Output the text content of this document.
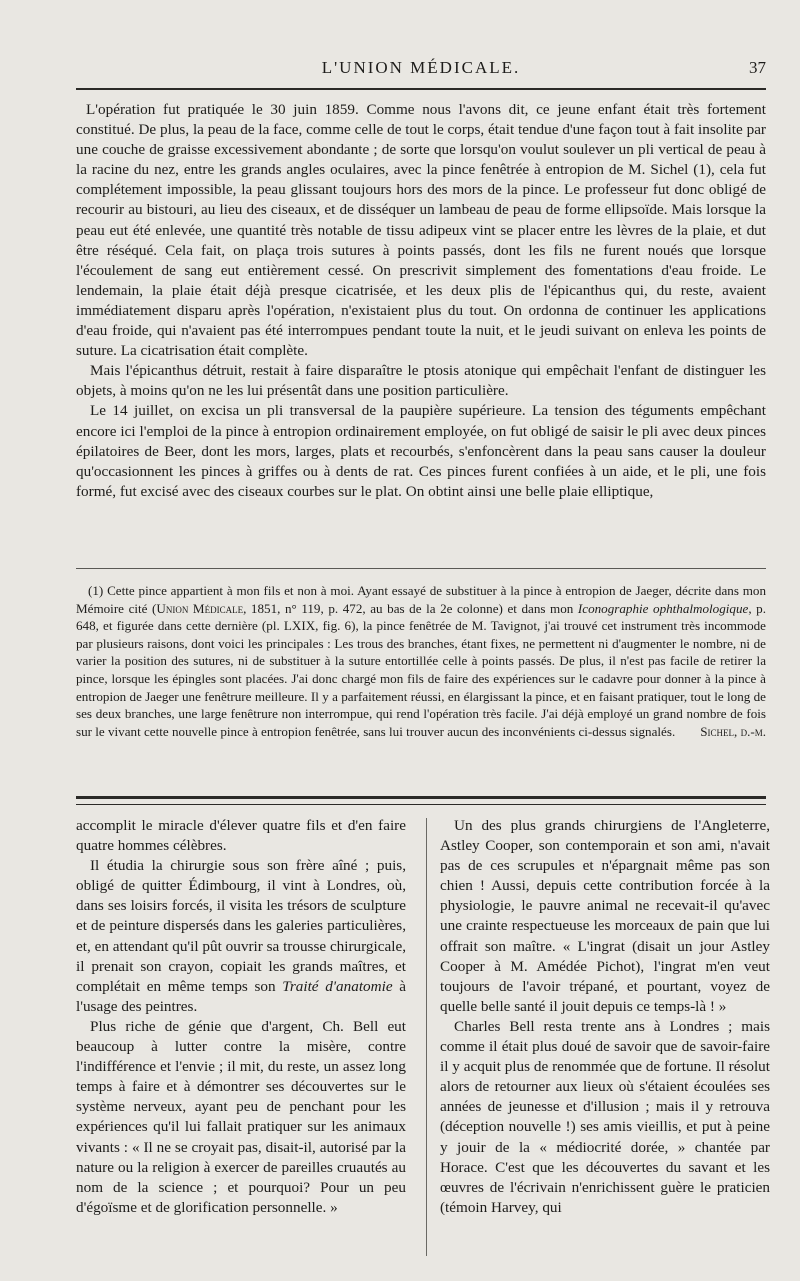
L'UNION MÉDICALE.	37

L'opération fut pratiquée le 30 juin 1859. Comme nous l'avons dit, ce jeune enfant était très fortement constitué. De plus, la peau de la face, comme celle de tout le corps, était tendue d'une façon tout à fait insolite par une couche de graisse excessivement abondante ; de sorte que lorsqu'on voulut soulever un pli vertical de peau à la racine du nez, entre les grands angles oculaires, avec la pince fenêtrée à entropion de M. Sichel (1), cela fut complétement impossible, la peau glissant toujours hors des mors de la pince. Le professeur fut donc obligé de recourir au bistouri, au lieu des ciseaux, et de disséquer un lambeau de peau de forme ellipsoïde. Mais lorsque la peau eut été enlevée, une quantité très notable de tissu adipeux vint se placer entre les lèvres de la plaie, et dut être réséqué. Cela fait, on plaça trois sutures à points passés, dont les fils ne furent noués que lorsque l'écoulement de sang eut entièrement cessé. On prescrivit simplement des fomentations d'eau froide. Le lendemain, la plaie était déjà presque cicatrisée, et les deux plis de l'épicanthus qui, du reste, avaient immédiatement disparu après l'opération, n'existaient plus du tout. On ordonna de continuer les applications d'eau froide, qui n'avaient pas été interrompues pendant toute la nuit, et le jeudi suivant on enleva les points de suture. La cicatrisation était complète.

Mais l'épicanthus détruit, restait à faire disparaître le ptosis atonique qui empêchait l'enfant de distinguer les objets, à moins qu'on ne les lui présentât dans une position particulière.

Le 14 juillet, on excisa un pli transversal de la paupière supérieure. La tension des téguments empêchant encore ici l'emploi de la pince à entropion ordinairement employée, on fut obligé de saisir le pli avec deux pinces épilatoires de Beer, dont les mors, larges, plats et recourbés, s'enfoncèrent dans la peau sans causer la douleur qu'occasionnent les pinces à griffes ou à dents de rat. Ces pinces furent confiées à un aide, et le pli, une fois formé, fut excisé avec des ciseaux courbes sur le plat. On obtint ainsi une belle plaie elliptique,

(1) Cette pince appartient à mon fils et non à moi. Ayant essayé de substituer à la pince à entropion de Jaeger, décrite dans mon Mémoire cité (Union Médicale, 1851, n° 119, p. 472, au bas de la 2e colonne) et dans mon Iconographie ophthalmologique, p. 648, et figurée dans cette dernière (pl. LXIX, fig. 6), la pince fenêtrée de M. Tavignot, j'ai trouvé cet instrument très incommode par plusieurs raisons, dont voici les principales : Les trous des branches, étant fixes, ne permettent ni d'augmenter le nombre, ni de varier la position des sutures, ni de substituer à la suture entortillée celle à points passés. De plus, il n'est pas facile de retirer la pince, lorsque les épingles sont placées. J'ai donc chargé mon fils de faire des expériences sur le cadavre pour donner à la pince à entropion de Jaeger une fenêtrure meilleure. Il y a parfaitement réussi, en élargissant la pince, et en faisant pratiquer, tout le long de ses deux branches, une large fenêtrure non interrompue, qui rend l'opération très facile. J'ai déjà employé un grand nombre de fois sur le vivant cette nouvelle pince à entropion fenêtrée, sans lui trouver aucun des inconvénients ci-dessus signalés.	Sichel, d.-m.

accomplit le miracle d'élever quatre fils et d'en faire quatre hommes célèbres.

Il étudia la chirurgie sous son frère aîné ; puis, obligé de quitter Édimbourg, il vint à Londres, où, dans ses loisirs forcés, il visita les trésors de sculpture et de peinture dispersés dans les galeries particulières, et, en attendant qu'il pût ouvrir sa trousse chirurgicale, il prenait son crayon, copiait les grands maîtres, et complétait en même temps son Traité d'anatomie à l'usage des peintres.

Plus riche de génie que d'argent, Ch. Bell eut beaucoup à lutter contre la misère, contre l'indifférence et l'envie ; il mit, du reste, un assez long temps à faire et à démontrer ses découvertes sur le système nerveux, ayant peu de penchant pour les expériences qu'il lui fallait pratiquer sur les animaux vivants : « Il ne se croyait pas, disait-il, autorisé par la nature ou la religion à exercer de pareilles cruautés au nom de la science ; et pourquoi? Pour un peu d'égoïsme et de glorification personnelle. »

Un des plus grands chirurgiens de l'Angleterre, Astley Cooper, son contemporain et son ami, n'avait pas de ces scrupules et n'épargnait même pas son chien ! Aussi, depuis cette contribution forcée à la physiologie, le pauvre animal ne recevait-il qu'avec une crainte respectueuse les morceaux de pain que lui offrait son maître. « L'ingrat (disait un jour Astley Cooper à M. Amédée Pichot), l'ingrat m'en veut toujours de l'avoir trépané, et pourtant, voyez de quelle belle santé il jouit depuis ce temps-là ! »

Charles Bell resta trente ans à Londres ; mais comme il était plus doué de savoir que de savoir-faire il y acquit plus de renommée que de fortune. Il résolut alors de retourner aux lieux où s'étaient écoulées ses années de jeunesse et d'illusion ; mais il y retrouva (déception nouvelle !) ses amis vieillis, et put à peine y jouir de la « médiocrité dorée, » chantée par Horace. C'est que les découvertes du savant et les œuvres de l'écrivain n'enrichissent guère le praticien (témoin Harvey, qui
